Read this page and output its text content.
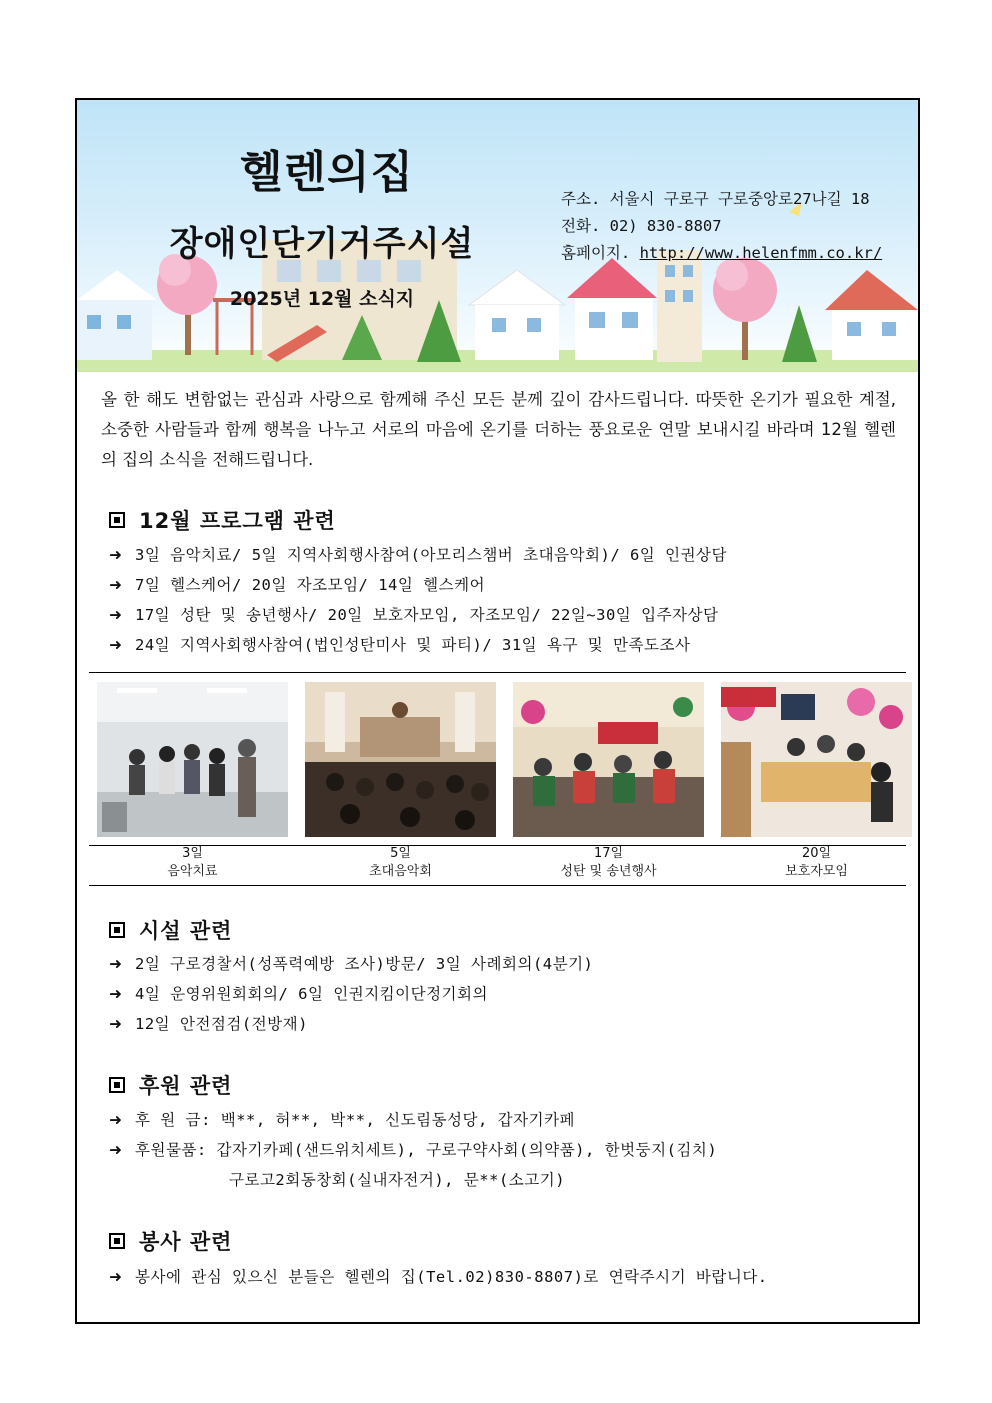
헬렌의집
장애인단기거주시설
2025년 12월 소식지
주소. 서울시 구로구 구로중앙로27나길 18
전화. 02) 830-8807
홈페이지. http://www.helenfmm.co.kr/
올 한 해도 변함없는 관심과 사랑으로 함께해 주신 모든 분께 깊이 감사드립니다. 따뜻한 온기가 필요한 계절, 소중한 사람들과 함께 행복을 나누고 서로의 마음에 온기를 더하는 풍요로운 연말 보내시길 바라며 12월 헬렌의 집의 소식을 전해드립니다.
12월 프로그램 관련
➜ 3일 음악치료/ 5일 지역사회행사참여(아모리스챔버 초대음악회)/ 6일 인권상담
➜ 7일 헬스케어/ 20일 자조모임/ 14일 헬스케어
➜ 17일 성탄 및 송년행사/ 20일 보호자모임, 자조모임/ 22일~30일 입주자상담
➜ 24일 지역사회행사참여(법인성탄미사 및 파티)/ 31일 욕구 및 만족도조사
3일
음악치료
5일
초대음악회
17일
성탄 및 송년행사
20일
보호자모임
시설 관련
➜ 2일 구로경찰서(성폭력예방 조사)방문/ 3일 사례회의(4분기)
➜ 4일 운영위원회회의/ 6일 인권지킴이단정기회의
➜ 12일 안전점검(전방재)
후원 관련
➜ 후 원 금: 백**, 허**, 박**, 신도림동성당, 갑자기카페
➜ 후원물품: 갑자기카페(샌드위치세트), 구로구약사회(의약품), 한벗둥지(김치)
구로고2회동창회(실내자전거), 문**(소고기)
봉사 관련
➜ 봉사에 관심 있으신 분들은 헬렌의 집(Tel.02)830-8807)로 연락주시기 바랍니다.
